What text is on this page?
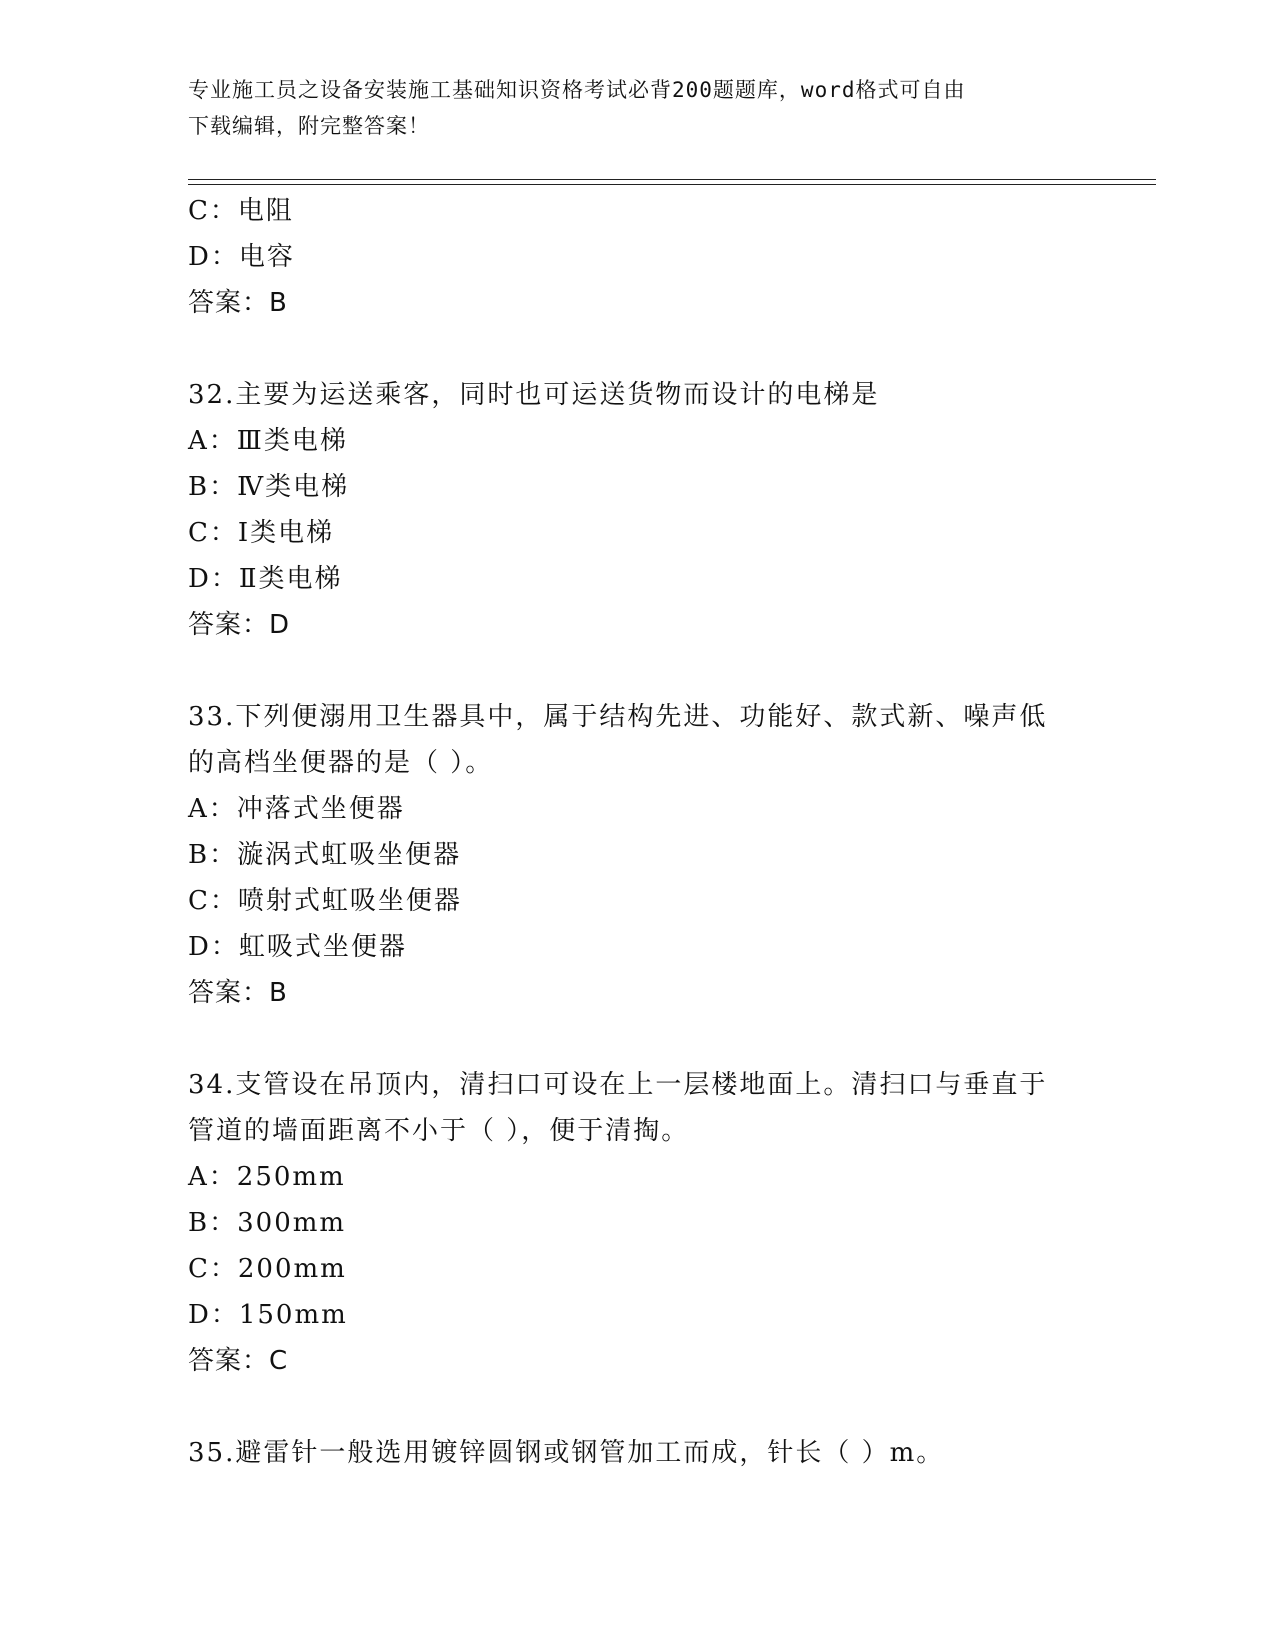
专业施工员之设备安装施工基础知识资格考试必背200题题库，word格式可自由
下载编辑，附完整答案！
C：电阻
D：电容
答案：B
32.主要为运送乘客，同时也可运送货物而设计的电梯是
A：Ⅲ类电梯
B：Ⅳ类电梯
C：Ⅰ类电梯
D：Ⅱ类电梯
答案：D
33.下列便溺用卫生器具中，属于结构先进、功能好、款式新、噪声低
的高档坐便器的是（ ）。
A：冲落式坐便器
B：漩涡式虹吸坐便器
C：喷射式虹吸坐便器
D：虹吸式坐便器
答案：B
34.支管设在吊顶内，清扫口可设在上一层楼地面上。清扫口与垂直于
管道的墙面距离不小于（ ），便于清掏。
A：250mm
B：300mm
C：200mm
D：150mm
答案：C
35.避雷针一般选用镀锌圆钢或钢管加工而成，针长（ ）m。
